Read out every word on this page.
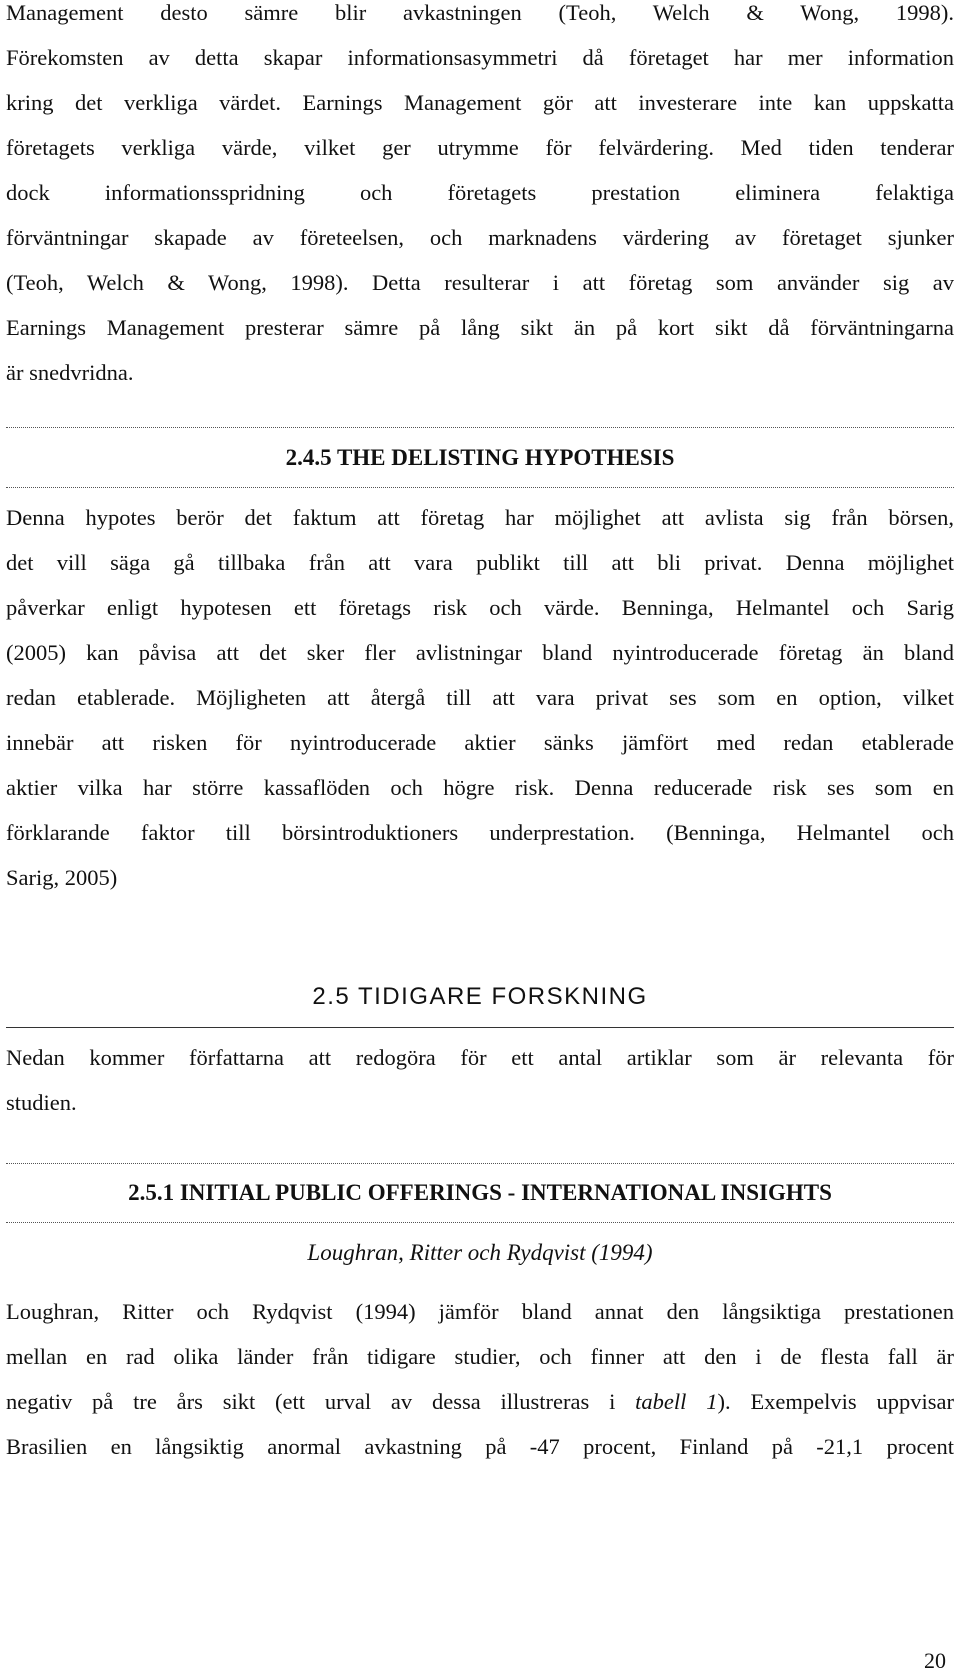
Management desto sämre blir avkastningen (Teoh, Welch & Wong, 1998).
Förekomsten av detta skapar informationsasymmetri då företaget har mer information
kring det verkliga värdet. Earnings Management gör att investerare inte kan uppskatta
företagets verkliga värde, vilket ger utrymme för felvärdering. Med tiden tenderar
dock informationsspridning och företagets prestation eliminera felaktiga
förväntningar skapade av företeelsen, och marknadens värdering av företaget sjunker
(Teoh, Welch & Wong, 1998). Detta resulterar i att företag som använder sig av
Earnings Management presterar sämre på lång sikt än på kort sikt då förväntningarna
är snedvridna.
2.4.5 THE DELISTING HYPOTHESIS
Denna hypotes berör det faktum att företag har möjlighet att avlista sig från börsen,
det vill säga gå tillbaka från att vara publikt till att bli privat. Denna möjlighet
påverkar enligt hypotesen ett företags risk och värde. Benninga, Helmantel och Sarig
(2005) kan påvisa att det sker fler avlistningar bland nyintroducerade företag än bland
redan etablerade. Möjligheten att återgå till att vara privat ses som en option, vilket
innebär att risken för nyintroducerade aktier sänks jämfört med redan etablerade
aktier vilka har större kassaflöden och högre risk. Denna reducerade risk ses som en
förklarande faktor till börsintroduktioners underprestation. (Benninga, Helmantel och
Sarig, 2005)
2.5 TIDIGARE FORSKNING
Nedan kommer författarna att redogöra för ett antal artiklar som är relevanta för
studien.
2.5.1 INITIAL PUBLIC OFFERINGS - INTERNATIONAL INSIGHTS
Loughran, Ritter och Rydqvist (1994)
Loughran, Ritter och Rydqvist (1994) jämför bland annat den långsiktiga prestationen
mellan en rad olika länder från tidigare studier, och finner att den i de flesta fall är
negativ på tre års sikt (ett urval av dessa illustreras i tabell 1). Exempelvis uppvisar
Brasilien en långsiktig anormal avkastning på -47 procent, Finland på -21,1 procent
20
